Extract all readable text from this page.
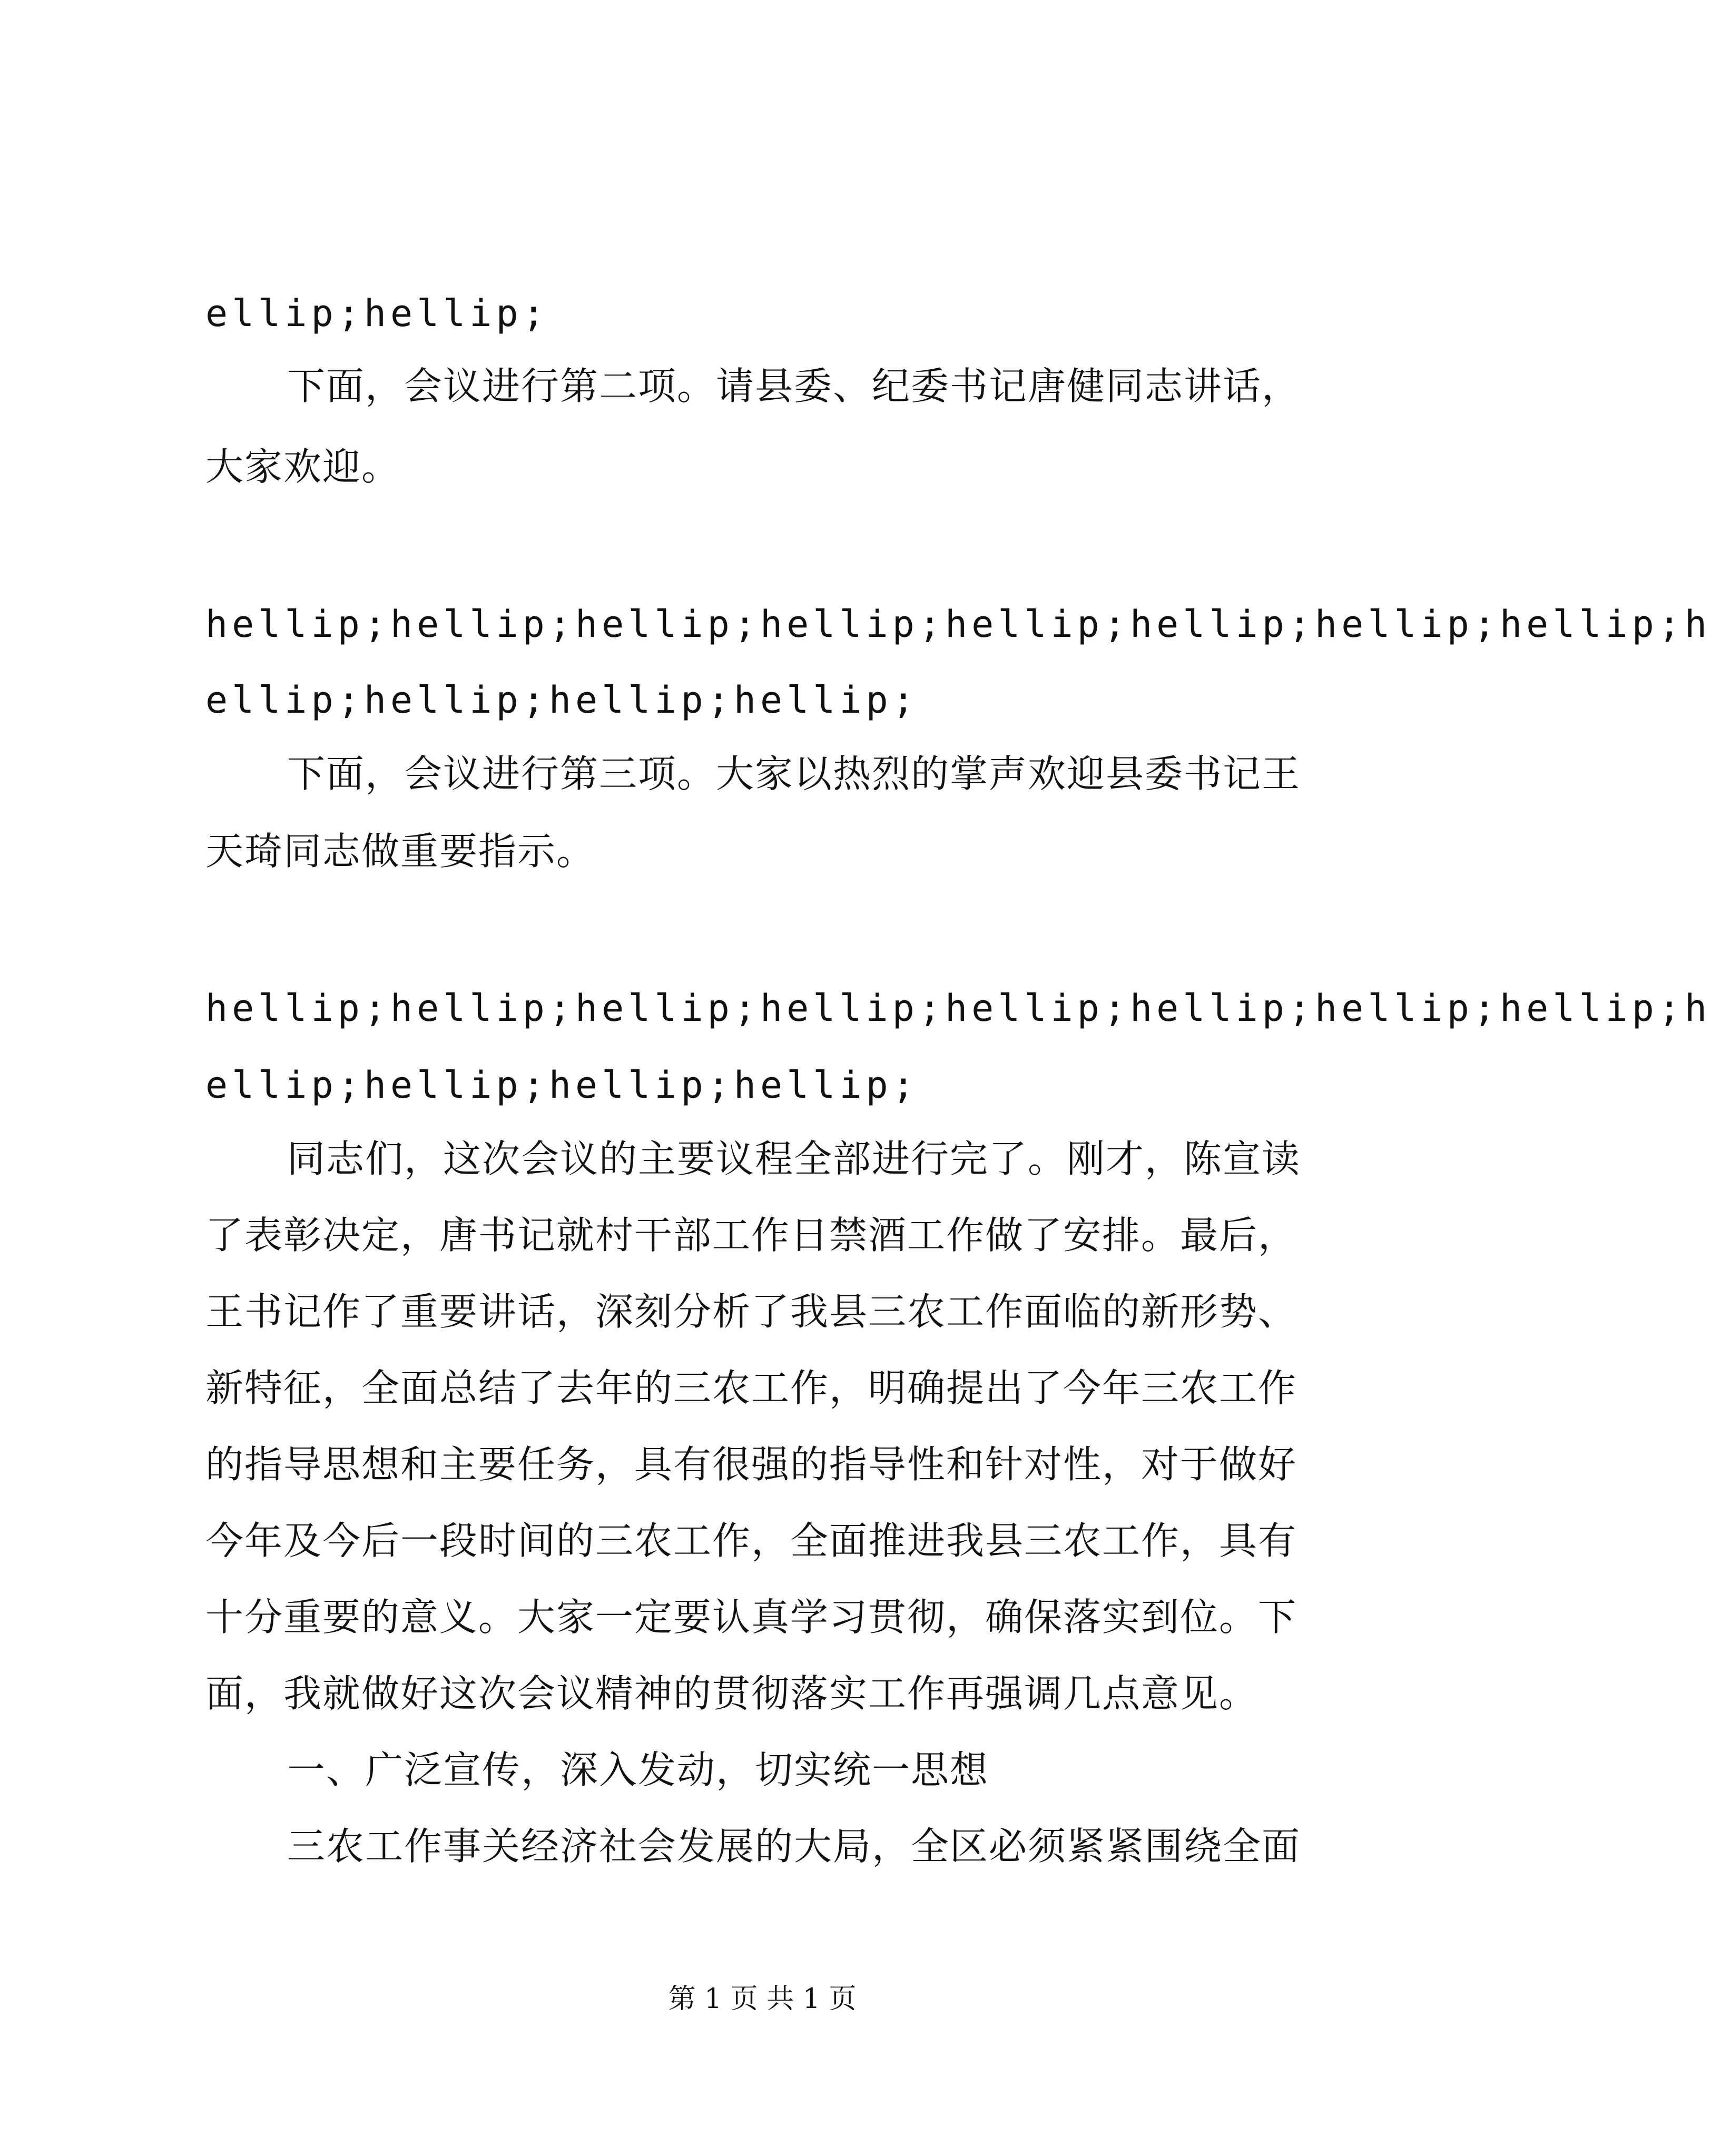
ellip;hellip;
下面，会议进行第二项。请县委、纪委书记唐健同志讲话，
大家欢迎。
hellip;hellip;hellip;hellip;hellip;hellip;hellip;hellip;h
ellip;hellip;hellip;hellip;
下面，会议进行第三项。大家以热烈的掌声欢迎县委书记王
天琦同志做重要指示。
hellip;hellip;hellip;hellip;hellip;hellip;hellip;hellip;h
ellip;hellip;hellip;hellip;
同志们，这次会议的主要议程全部进行完了。刚才，陈宣读
了表彰决定，唐书记就村干部工作日禁酒工作做了安排。最后，
王书记作了重要讲话，深刻分析了我县三农工作面临的新形势、
新特征，全面总结了去年的三农工作，明确提出了今年三农工作
的指导思想和主要任务，具有很强的指导性和针对性，对于做好
今年及今后一段时间的三农工作，全面推进我县三农工作，具有
十分重要的意义。大家一定要认真学习贯彻，确保落实到位。下
面，我就做好这次会议精神的贯彻落实工作再强调几点意见。
一、广泛宣传，深入发动，切实统一思想
三农工作事关经济社会发展的大局，全区必须紧紧围绕全面
第 1 页 共 1 页
